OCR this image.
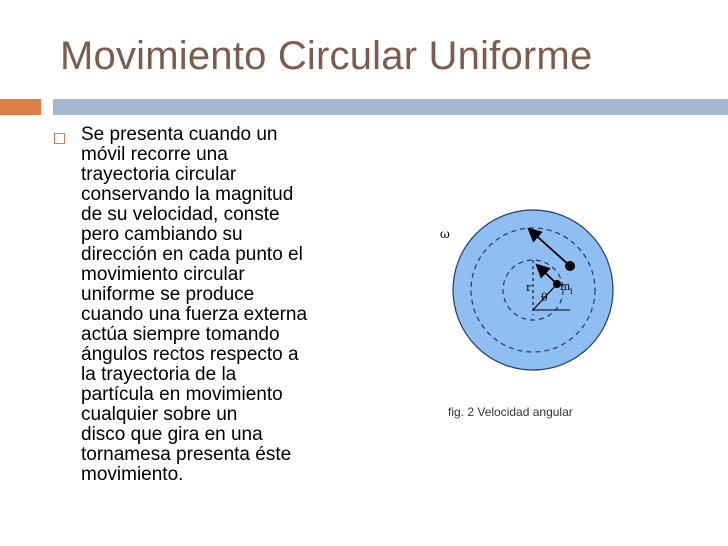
Movimiento Circular Uniforme
Se presenta cuando un
móvil recorre una
trayectoria circular
conservando la magnitud
de su velocidad, conste
pero cambiando su
dirección en cada punto el
movimiento circular
uniforme se produce
cuando una fuerza externa
actúa siempre tomando
ángulos rectos respecto a
la trayectoria de la
partícula en movimiento
cualquier sobre un
disco que gira en una
tornamesa presenta éste
movimiento.
ω
r	m i
θ
fig. 2 Velocidad angular
